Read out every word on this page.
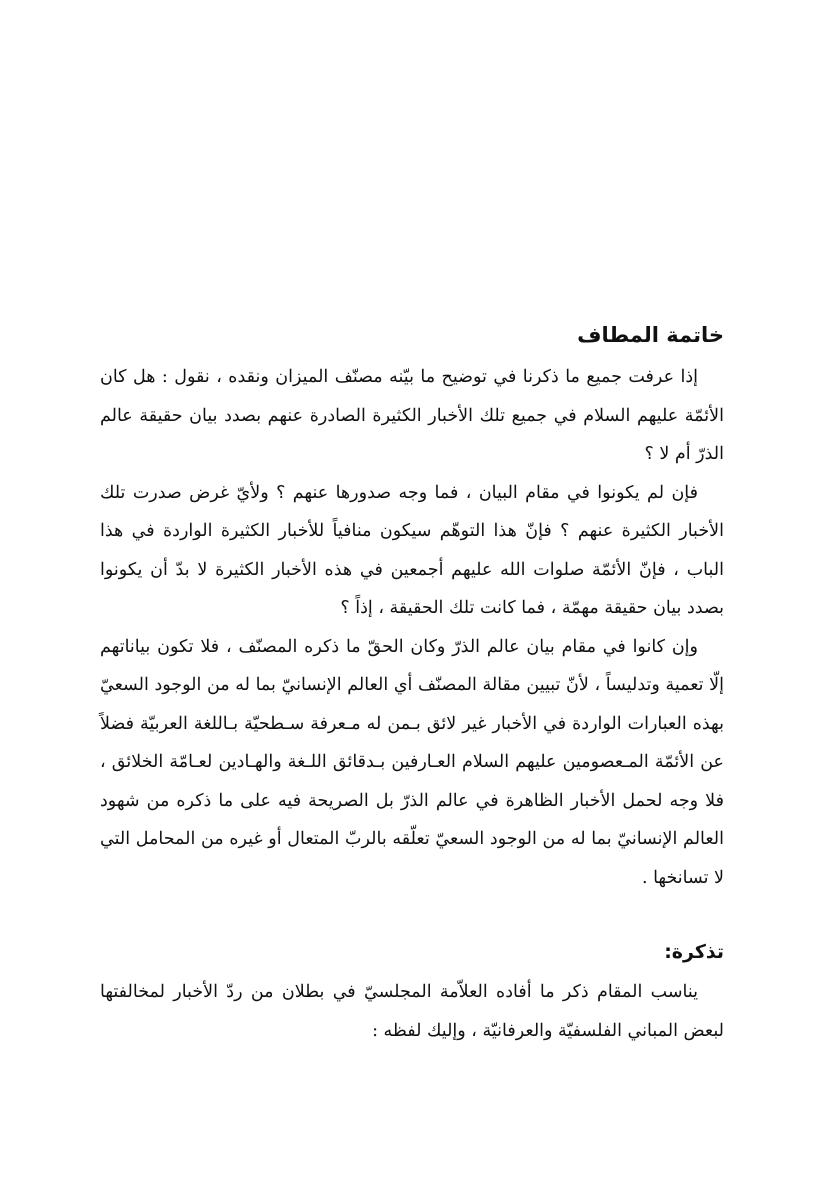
خاتمة المطاف

إذا عرفت جميع ما ذكرنا في توضيح ما بيّنه مصنّف الميزان ونقده ، نقول : هل كان الأئمّة عليهم السلام في جميع تلك الأخبار الكثيرة الصادرة عنهم بصدد بيان حقيقة عالم الذرّ أم لا ؟

فإن لم يكونوا في مقام البيان ، فما وجه صدورها عنهم ؟ ولأيّ غرض صدرت تلك الأخبار الكثيرة عنهم ؟ فإنّ هذا التوهّم سيكون منافياً للأخبار الكثيرة الواردة في هذا الباب ، فإنّ الأئمّة صلوات الله عليهم أجمعين في هذه الأخبار الكثيرة لا بدّ أن يكونوا بصدد بيان حقيقة مهمّة ، فما كانت تلك الحقيقة ، إذاً ؟

وإن كانوا في مقام بيان عالم الذرّ وكان الحقّ ما ذكره المصنّف ، فلا تكون بياناتهم إلّا تعمية وتدليساً ، لأنّ تبيين مقالة المصنّف أي العالم الإنسانيّ بما له من الوجود السعيّ بهذه العبارات الواردة في الأخبار غير لائق بـمن له مـعرفة سـطحيّة بـاللغة العربيّة فضلاً عن الأئمّة المـعصومين عليهم السلام العـارفين بـدقائق اللـغة والهـادين لعـامّة الخلائق ، فلا وجه لحمل الأخبار الظاهرة في عالم الذرّ بل الصريحة فيه على ما ذكره من شهود العالم الإنسانيّ بما له من الوجود السعيّ تعلّقه بالربّ المتعال أو غيره من المحامل التي لا تسانخها .

تذكرة:

يناسب المقام ذكر ما أفاده العلاّمة المجلسيّ في بطلان من ردّ الأخبار لمخالفتها لبعض المباني الفلسفيّة والعرفانيّة ، وإليك لفظه :
